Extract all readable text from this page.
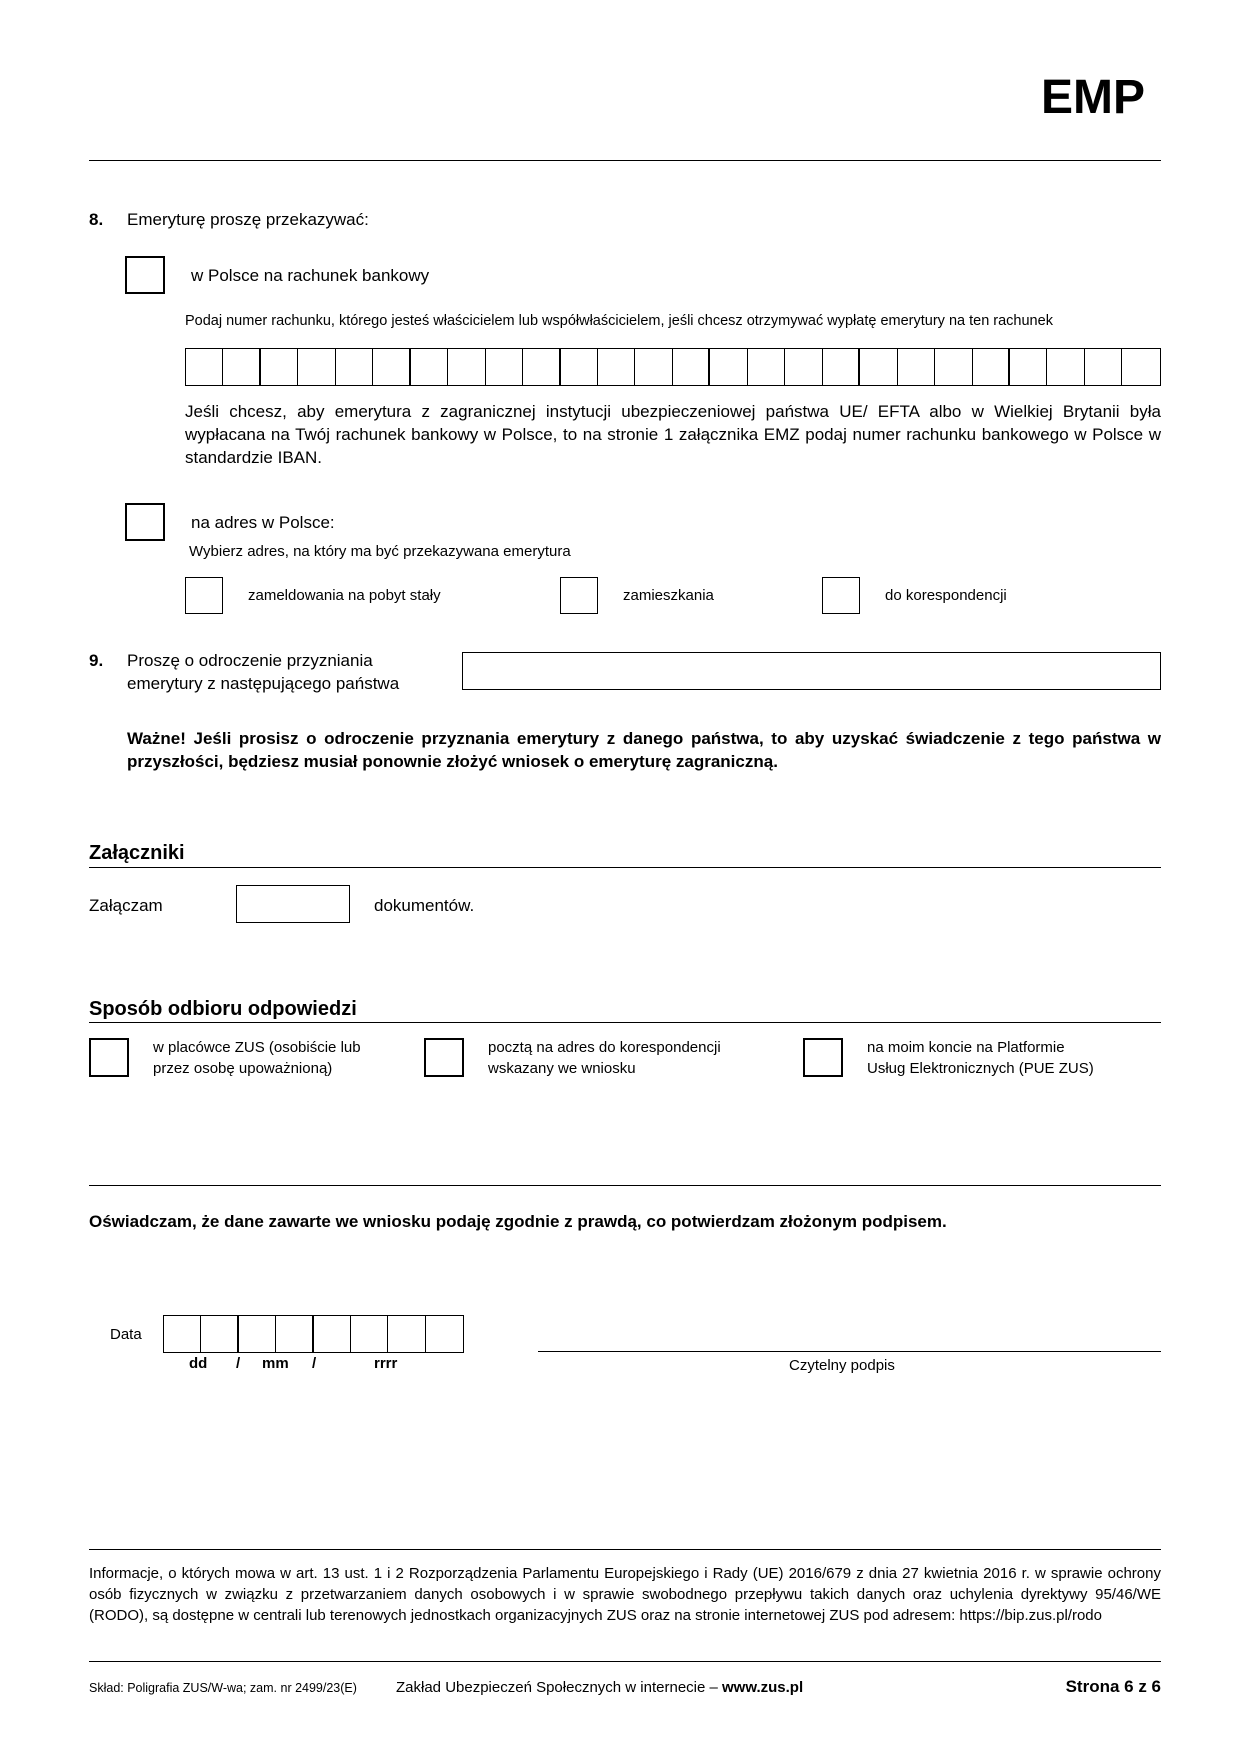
EMP
8. Emeryturę proszę przekazywać:
w Polsce na rachunek bankowy
Podaj numer rachunku, którego jesteś właścicielem lub współwłaścicielem, jeśli chcesz otrzymywać wypłatę emerytury na ten rachunek
Jeśli chcesz, aby emerytura z zagranicznej instytucji ubezpieczeniowej państwa UE/ EFTA albo w Wielkiej Brytanii była wypłacana na Twój rachunek bankowy w Polsce, to na stronie 1 załącznika EMZ podaj numer rachunku bankowego w Polsce w standardzie IBAN.
na adres w Polsce:
Wybierz adres, na który ma być przekazywana emerytura
zameldowania na pobyt stały	zamieszkania	do korespondencji
9. Proszę o odroczenie przyzniania
emerytury z następującego państwa
Ważne! Jeśli prosisz o odroczenie przyznania emerytury z danego państwa, to aby uzyskać świadczenie z tego państwa w przyszłości, będziesz musiał ponownie złożyć wniosek o emeryturę zagraniczną.
Załączniki
Załączam	dokumentów.
Sposób odbioru odpowiedzi
w placówce ZUS (osobiście lub
przez osobę upoważnioną)
pocztą na adres do korespondencji
wskazany we wniosku
na moim koncie na Platformie
Usług Elektronicznych (PUE ZUS)
Oświadczam, że dane zawarte we wniosku podaję zgodnie z prawdą, co potwierdzam złożonym podpisem.
Data
dd / mm /	rrrr	Czytelny podpis
Informacje, o których mowa w art. 13 ust. 1 i 2 Rozporządzenia Parlamentu Europejskiego i Rady (UE) 2016/679 z dnia 27 kwietnia 2016 r. w sprawie ochrony osób fizycznych w związku z przetwarzaniem danych osobowych i w sprawie swobodnego przepływu takich danych oraz uchylenia dyrektywy 95/46/WE (RODO), są dostępne w centrali lub terenowych jednostkach organizacyjnych ZUS oraz na stronie internetowej ZUS pod adresem: https://bip.zus.pl/rodo
Skład: Poligrafia ZUS/W-wa; zam. nr 2499/23(E)	Zakład Ubezpieczeń Społecznych w internecie – www.zus.pl	Strona 6 z 6
